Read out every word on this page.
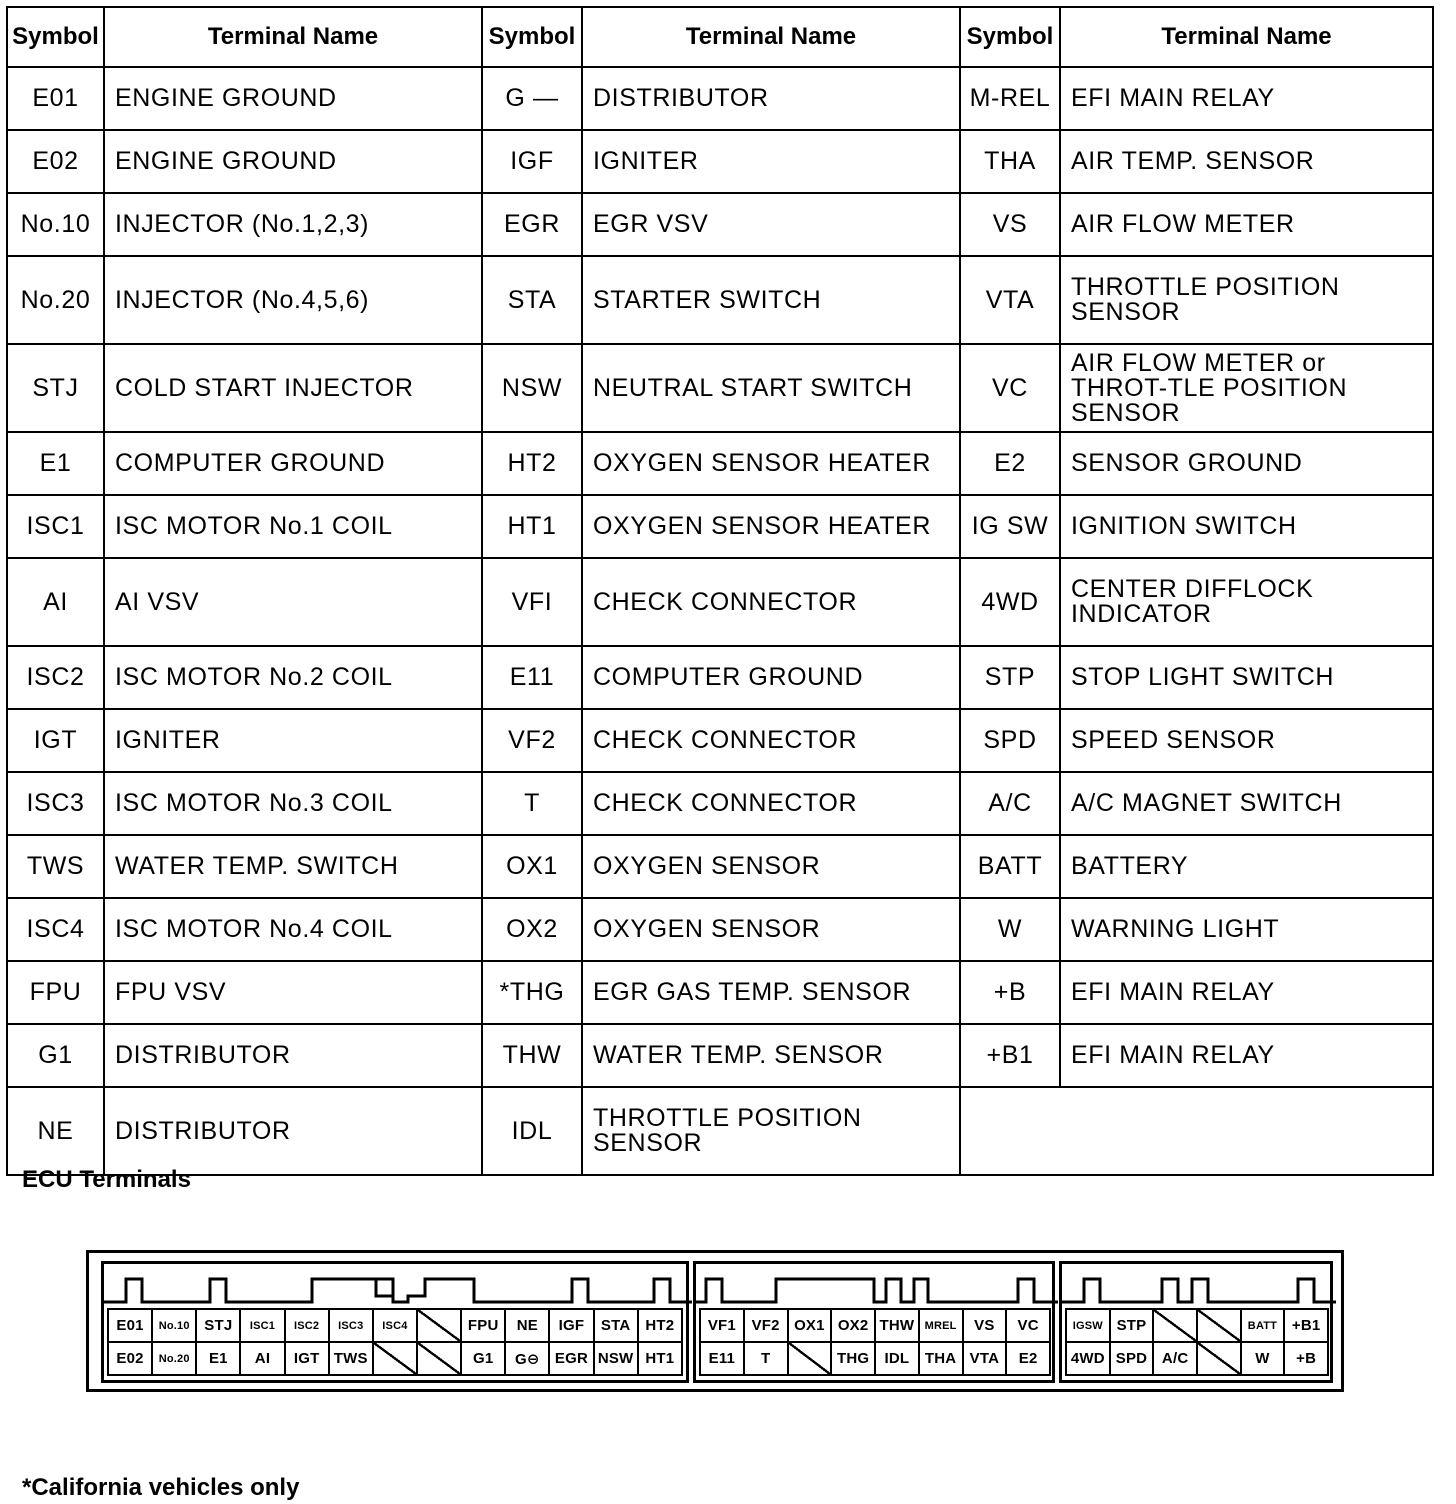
Symbol	Terminal Name	Symbol	Terminal Name	Symbol	Terminal Name
E01	ENGINE GROUND	G —	DISTRIBUTOR	M-REL	EFI MAIN RELAY
E02	ENGINE GROUND	IGF	IGNITER	THA	AIR TEMP. SENSOR
No.10	INJECTOR (No.1,2,3)	EGR	EGR VSV	VS	AIR FLOW METER
No.20	INJECTOR (No.4,5,6)	STA	STARTER SWITCH	VTA	THROTTLE POSITION SENSOR
STJ	COLD START INJECTOR	NSW	NEUTRAL START SWITCH	VC	AIR FLOW METER or THROT-TLE POSITION SENSOR
E1	COMPUTER GROUND	HT2	OXYGEN SENSOR HEATER	E2	SENSOR GROUND
ISC1	ISC MOTOR No.1 COIL	HT1	OXYGEN SENSOR HEATER	IG SW	IGNITION SWITCH
AI	AI VSV	VFI	CHECK CONNECTOR	4WD	CENTER DIFFLOCK INDICATOR
ISC2	ISC MOTOR No.2 COIL	E11	COMPUTER GROUND	STP	STOP LIGHT SWITCH
IGT	IGNITER	VF2	CHECK CONNECTOR	SPD	SPEED SENSOR
ISC3	ISC MOTOR No.3 COIL	T	CHECK CONNECTOR	A/C	A/C MAGNET SWITCH
TWS	WATER TEMP. SWITCH	OX1	OXYGEN SENSOR	BATT	BATTERY
ISC4	ISC MOTOR No.4 COIL	OX2	OXYGEN SENSOR	W	WARNING LIGHT
FPU	FPU VSV	*THG	EGR GAS TEMP. SENSOR	+B	EFI MAIN RELAY
G1	DISTRIBUTOR	THW	WATER TEMP. SENSOR	+B1	EFI MAIN RELAY
NE	DISTRIBUTOR	IDL	THROTTLE POSITION SENSOR		
ECU Terminals
E01	No.10	STJ	ISC1	ISC2	ISC3	ISC4		FPU	NE	IGF	STA	HT2
E02	No.20	E1	AI	IGT	TWS			G1	G⊖	EGR	NSW	HT1
VF1	VF2	OX1	OX2	THW	MREL	VS	VC
E11	T		THG	IDL	THA	VTA	E2
IGSW	STP			BATT	+B1
4WD	SPD	A/C		W	+B
*California vehicles only
